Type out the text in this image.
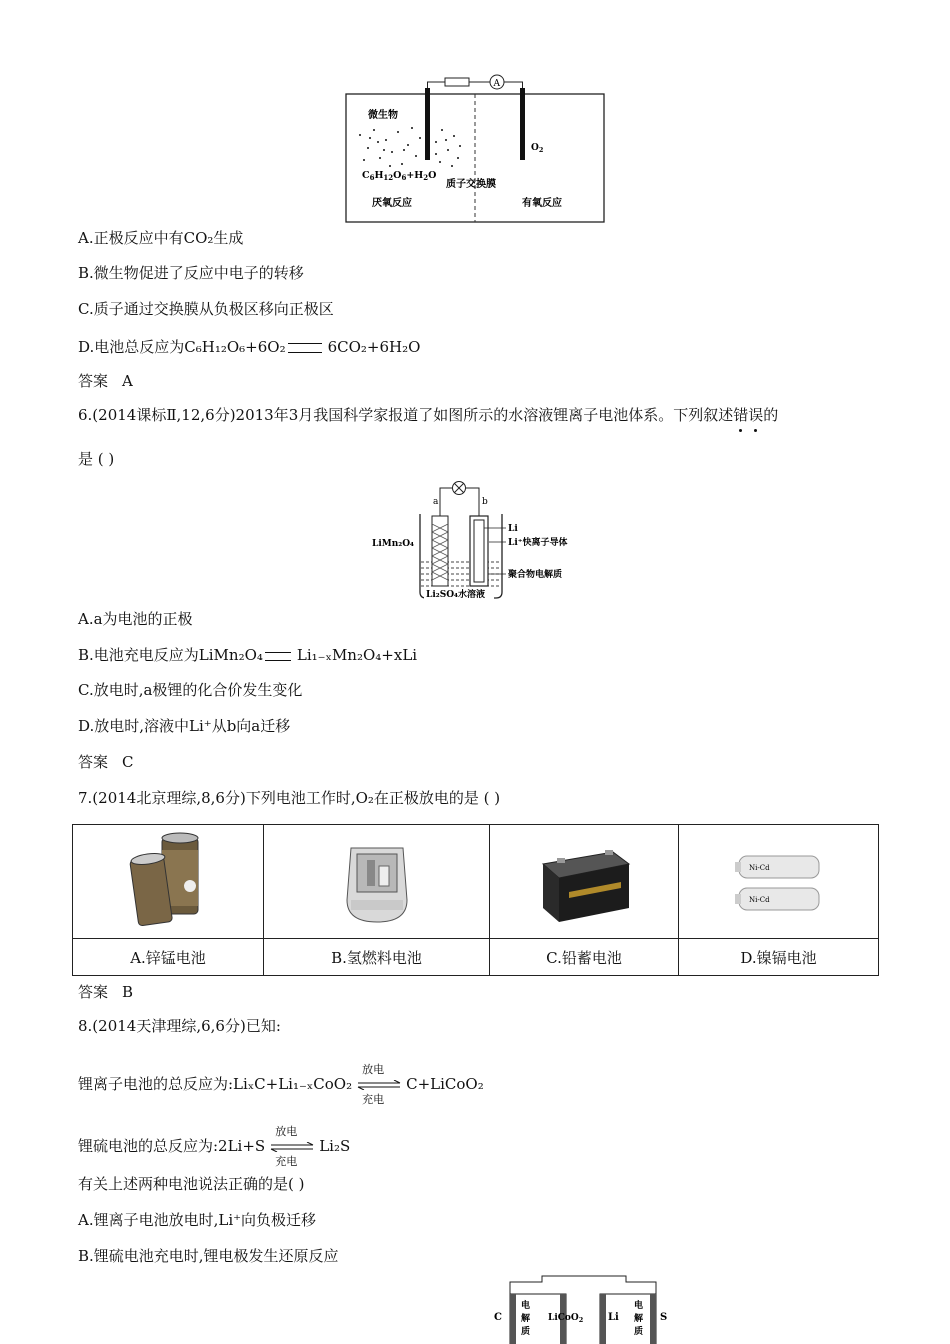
A
微生物
$C_6H_{12}O_6+H_2O$
质子交换膜
$O_2$
厌氧反应	有氧反应
A.正极反应中有CO₂生成
B.微生物促进了反应中电子的转移
C.质子通过交换膜从负极区移向正极区
D.电池总反应为C₆H₁₂O₆+6O₂	6CO₂+6H₂O
答案 A
6.(2014课标Ⅱ,12,6分)2013年3月我国科学家报道了如图所示的水溶液锂离子电池体系。下列叙述错误
的
是 ( )
a	b
Li
Li⁺快离子导体
LiMn₂O₄
聚合物电解质
Li₂SO₄水溶液
A.a为电池的正极
B.电池充电反应为LiMn₂O₄ Li₁₋ₓMn₂O₄+xLi
C.放电时,a极锂的化合价发生变化
D.放电时,溶液中Li⁺从b向a迁移
答案 C
7.(2014北京理综,8,6分)下列电池工作时,O₂在正极放电的是 ( )

Ni-Cd
Ni-Cd

A.锌锰电池	B.氢燃料电池	C.铅蓄电池	D.镍镉电池
答案 B
8.(2014天津理综,6,6分)已知:
锂离子电池的总反应为:LiₓC+Li₁₋ₓCoO₂
放电
充电
C+LiCoO₂
锂硫电池的总反应为:2Li+S
放电
充电
Li₂S
有关上述两种电池说法正确的是( )
A.锂离子电池放电时,Li⁺向负极迁移
B.锂硫电池充电时,锂电极发生还原反应
C	LiCoO$_2$ Li	S
电
解
质
电
解
质
